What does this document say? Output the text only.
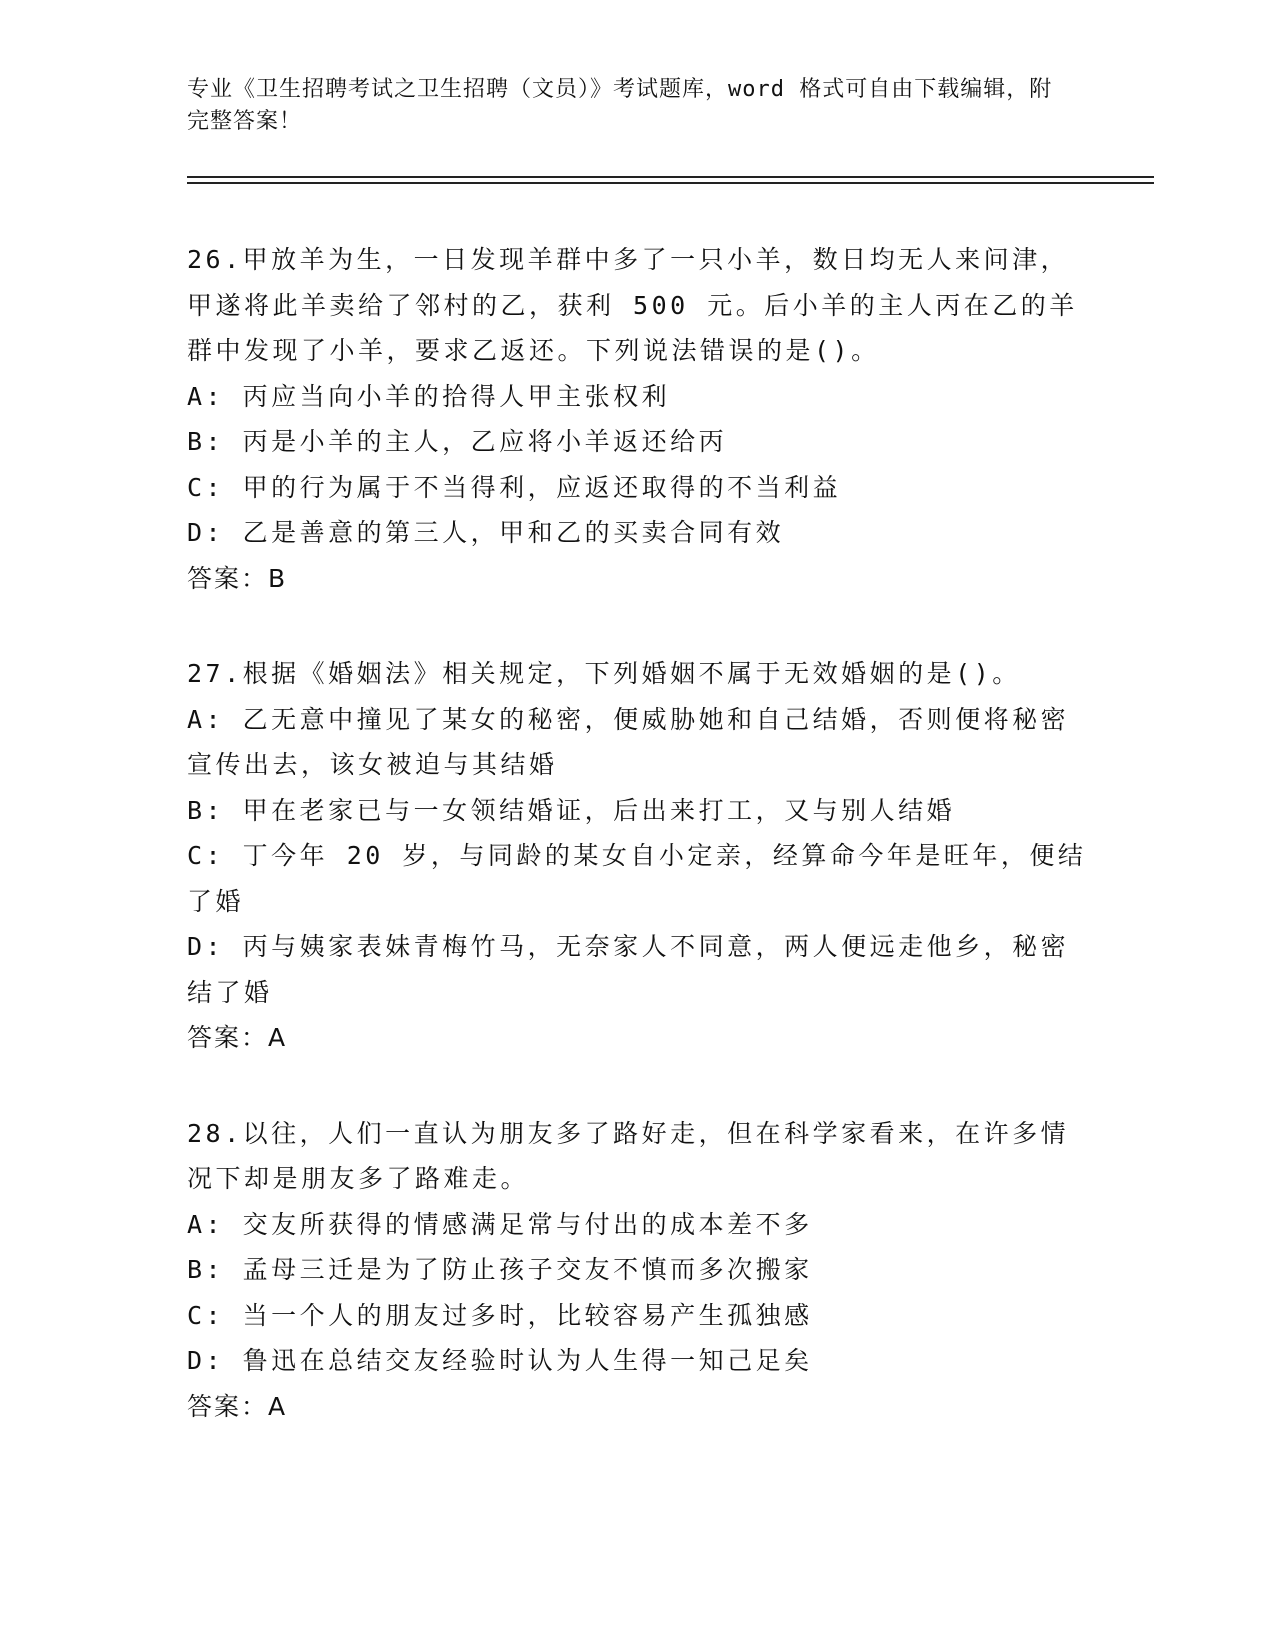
专业《卫生招聘考试之卫生招聘（文员）》考试题库，word 格式可自由下载编辑，附完整答案！
26.甲放羊为生，一日发现羊群中多了一只小羊，数日均无人来问津，甲遂将此羊卖给了邻村的乙，获利 500 元。后小羊的主人丙在乙的羊群中发现了小羊，要求乙返还。下列说法错误的是()。
A: 丙应当向小羊的拾得人甲主张权利
B: 丙是小羊的主人，乙应将小羊返还给丙
C: 甲的行为属于不当得利，应返还取得的不当利益
D: 乙是善意的第三人，甲和乙的买卖合同有效
答案：B
27.根据《婚姻法》相关规定，下列婚姻不属于无效婚姻的是()。
A: 乙无意中撞见了某女的秘密，便威胁她和自己结婚，否则便将秘密宣传出去，该女被迫与其结婚
B: 甲在老家已与一女领结婚证，后出来打工，又与别人结婚
C: 丁今年 20 岁，与同龄的某女自小定亲，经算命今年是旺年，便结了婚
D: 丙与姨家表妹青梅竹马，无奈家人不同意，两人便远走他乡，秘密结了婚
答案：A
28.以往，人们一直认为朋友多了路好走，但在科学家看来，在许多情况下却是朋友多了路难走。
A: 交友所获得的情感满足常与付出的成本差不多
B: 孟母三迁是为了防止孩子交友不慎而多次搬家
C: 当一个人的朋友过多时，比较容易产生孤独感
D: 鲁迅在总结交友经验时认为人生得一知己足矣
答案：A
